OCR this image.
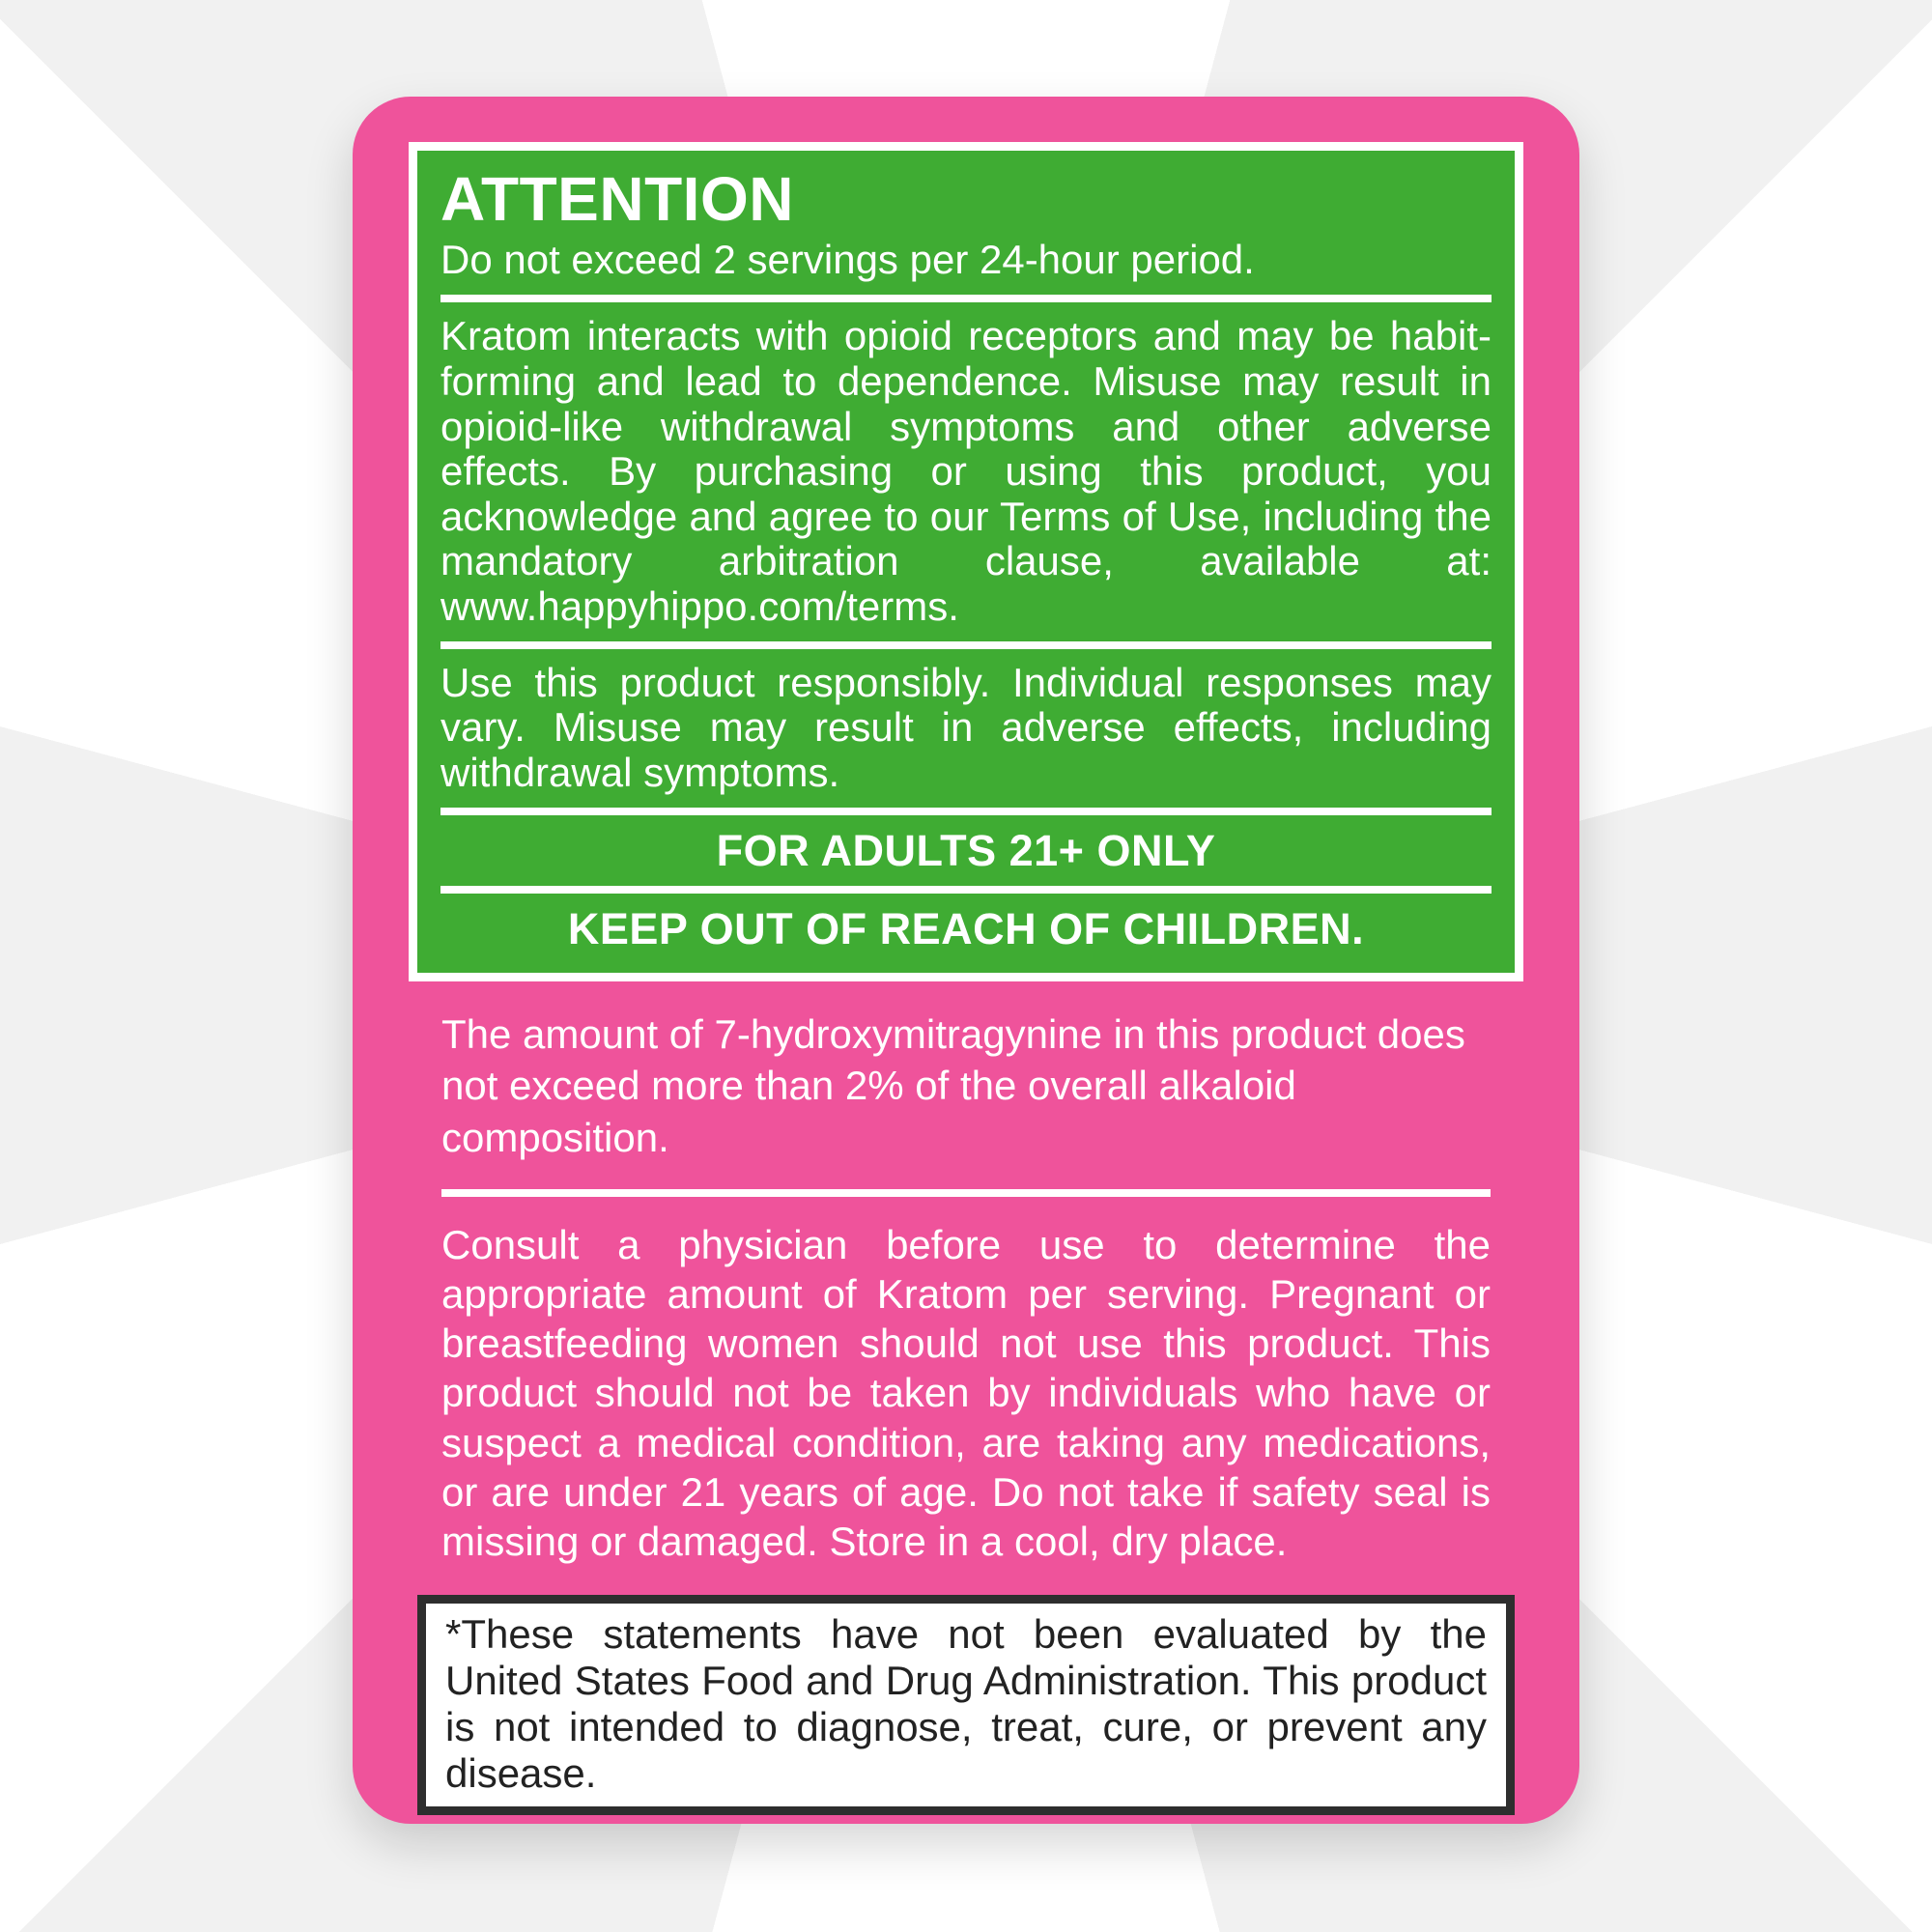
ATTENTION

Do not exceed 2 servings per 24-hour period.

Kratom interacts with opioid receptors and may be habit-forming and lead to dependence. Misuse may result in opioid-like withdrawal symptoms and other adverse effects. By purchasing or using this product, you acknowledge and agree to our Terms of Use, including the mandatory arbitration clause, available at: www.happyhippo.com/terms.

Use this product responsibly. Individual responses may vary. Misuse may result in adverse effects, including withdrawal symptoms.

FOR ADULTS 21+ ONLY

KEEP OUT OF REACH OF CHILDREN.

The amount of 7-hydroxymitragynine in this product does not exceed more than 2% of the overall alkaloid composition.

Consult a physician before use to determine the appropriate amount of Kratom per serving. Pregnant or breastfeeding women should not use this product. This product should not be taken by individuals who have or suspect a medical condition, are taking any medications, or are under 21 years of age. Do not take if safety seal is missing or damaged. Store in a cool, dry place.

*These statements have not been evaluated by the United States Food and Drug Administration. This product is not intended to diagnose, treat, cure, or prevent any disease.
